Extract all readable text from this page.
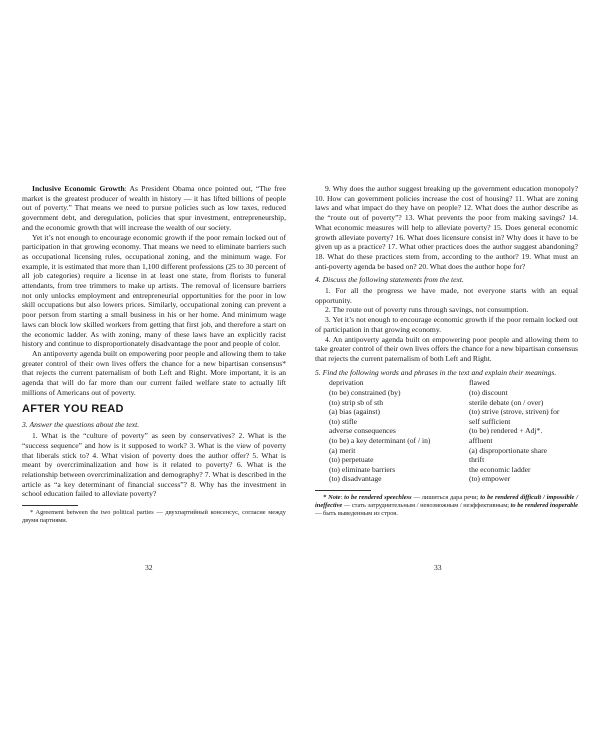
Inclusive Economic Growth: As President Obama once pointed out, “The free market is the greatest producer of wealth in history — it has lifted billions of people out of poverty.” That means we need to pursue policies such as low taxes, reduced government debt, and deregulation, policies that spur investment, entrepreneurship, and the economic growth that will increase the wealth of our society.

Yet it’s not enough to encourage economic growth if the poor remain locked out of participation in that growing economy. That means we need to eliminate barriers such as occupational licensing rules, occupational zoning, and the minimum wage. For example, it is estimated that more than 1,100 different professions (25 to 30 percent of all job categories) require a license in at least one state, from florists to funeral attendants, from tree trimmers to make up artists. The removal of licensure barriers not only unlocks employment and entrepreneurial opportunities for the poor in low skill occupations but also lowers prices. Similarly, occupational zoning can prevent a poor person from starting a small business in his or her home. And minimum wage laws can block low skilled workers from getting that first job, and therefore a start on the economic ladder. As with zoning, many of these laws have an explicitly racist history and continue to disproportionately disadvantage the poor and people of color.

An antipoverty agenda built on empowering poor people and allowing them to take greater control of their own lives offers the chance for a new bipartisan consensus* that rejects the current paternalism of both Left and Right. More important, it is an agenda that will do far more than our current failed welfare state to actually lift millions of Americans out of poverty.

AFTER YOU READ

3. Answer the questions about the text.

1. What is the “culture of poverty” as seen by conservatives? 2. What is the “success sequence” and how is it supposed to work? 3. What is the view of poverty that liberals stick to? 4. What vision of poverty does the author offer? 5. What is meant by overcriminalization and how is it related to poverty? 6. What is the relationship between overcriminalization and demography? 7. What is described in the article as “a key determinant of financial success”? 8. Why has the investment in school education failed to alleviate poverty?

* Agreement between the two political parties — двухпартийный консенсус, согласие между двумя партиями.

32

9. Why does the author suggest breaking up the government education monopoly? 10. How can government policies increase the cost of housing? 11. What are zoning laws and what impact do they have on people? 12. What does the author describe as the “route out of poverty”? 13. What prevents the poor from making savings? 14. What economic measures will help to alleviate poverty? 15. Does general economic growth alleviate poverty? 16. What does licensure consist in? Why does it have to be given up as a practice? 17. What other practices does the author suggest abandoning? 18. What do these practices stem from, according to the author? 19. What must an anti-poverty agenda be based on? 20. What does the author hope for?

4. Discuss the following statements from the text.

1. For all the progress we have made, not everyone starts with an equal opportunity.

2. The route out of poverty runs through savings, not consumption.

3. Yet it’s not enough to encourage economic growth if the poor remain locked out of participation in that growing economy.

4. An antipoverty agenda built on empowering poor people and allowing them to take greater control of their own lives offers the chance for a new bipartisan consensus that rejects the current paternalism of both Left and Right.

5. Find the following words and phrases in the text and explain their meanings.

deprivation	flawed
(to be) constrained (by)	(to) discount
(to) strip sb of sth	sterile debate (on / over)
(a) bias (against)	(to) strive (strove, striven) for
(to) stifle	self sufficient
adverse consequences	(to be) rendered + Adj*.
(to be) a key determinant (of / in)	affluent
(a) merit	(a) disproportionate share
(to) perpetuate	thrift
(to) eliminate barriers	the economic ladder
(to) disadvantage	(to) empower

* Note: to be rendered speechless — лишиться дара речи; to be rendered difficult / impossible / ineffective — стать затруднительным / невозможным / неэффективным; to be rendered inoperable — быть выведенным из строя.

33
